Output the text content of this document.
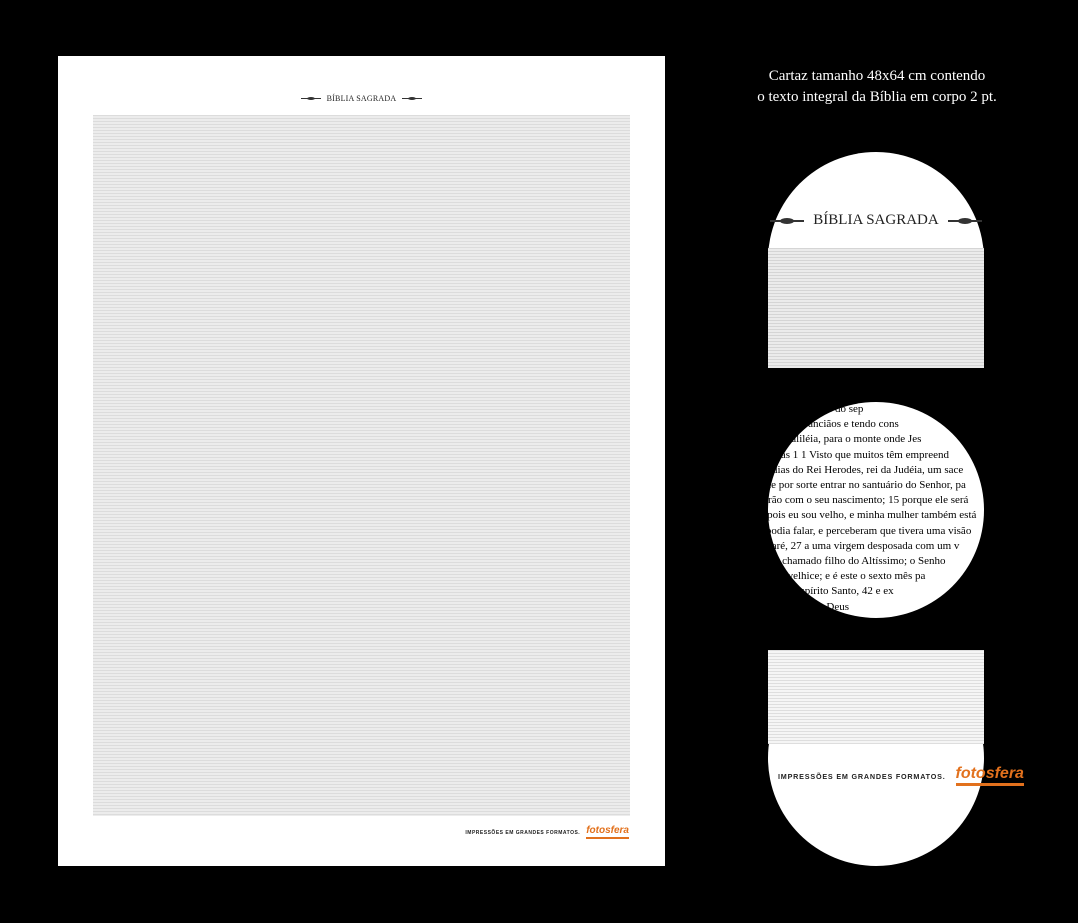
BÍBLIA SAGRADA
IMPRESSÕES EM GRANDES FORMATOS. fotosfera
Cartaz tamanho 48x64 cm contendo
o texto integral da Bíblia em corpo 2 pt.
BÍBLIA SAGRADA
apressurosamente do sep
eles com os anciãos e tendo cons
para a Galiléia, para o monte onde Jes
s. Lucas 1 1 Visto que muitos têm empreend
nos dias do Rei Herodes, rei da Judéia, um sace
e-lhe por sorte entrar no santuário do Senhor, pa
grarão com o seu nascimento; 15 porque ele será
o? pois eu sou velho, e minha mulher também está
es podia falar, e perceberam que tivera uma visão
Nazaré, 27 a uma virgem desposada com um v
e será chamado filho do Altíssimo; o Senho
em sua velhice; e é este o sexto mês pa
cheia do Espírito Santo, 42 e ex
pírito exulta em Deus
IMPRESSÕES EM GRANDES FORMATOS. fotosfera
